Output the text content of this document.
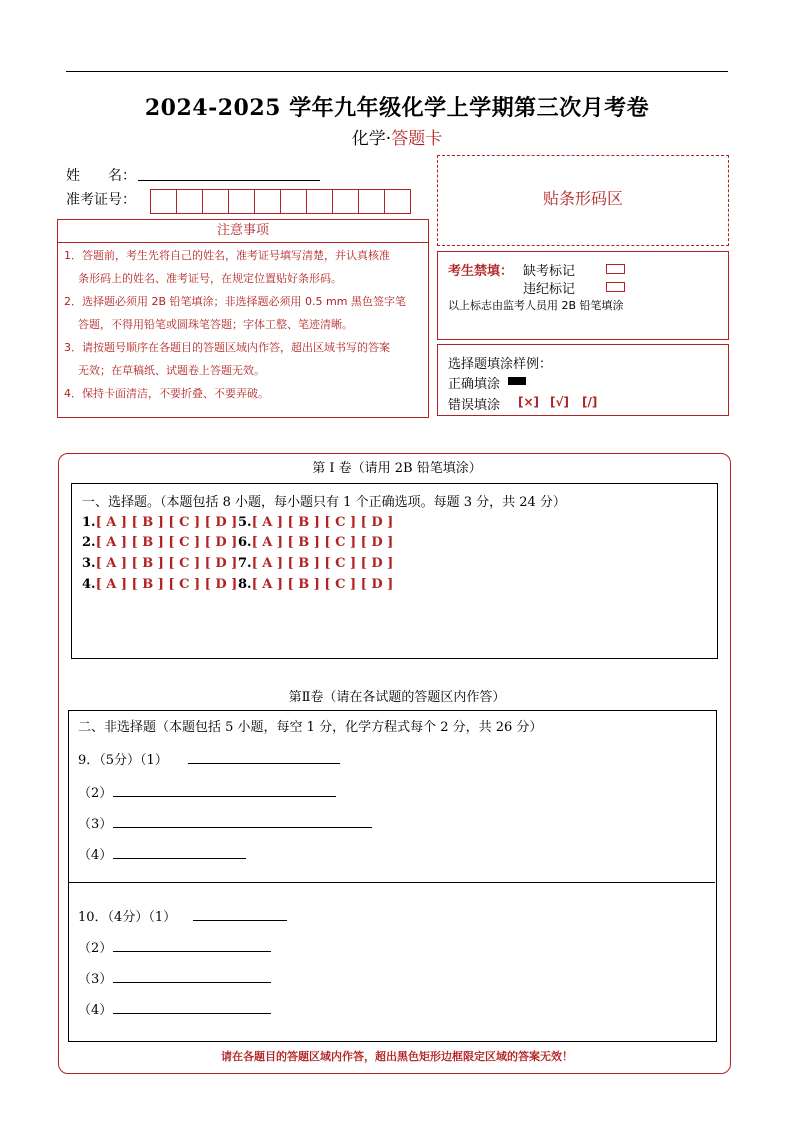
2024-2025 学年九年级化学上学期第三次月考卷
化学·答题卡
姓　　名：
准考证号：
注意事项
1．答题前，考生先将自己的姓名，准考证号填写清楚，并认真核准
条形码上的姓名、准考证号，在规定位置贴好条形码。
2．选择题必须用 2B 铅笔填涂；非选择题必须用 0.5 mm 黑色签字笔
答题，不得用铅笔或圆珠笔答题；字体工整、笔迹清晰。
3．请按题号顺序在各题目的答题区域内作答，超出区域书写的答案
无效；在草稿纸、试题卷上答题无效。
4．保持卡面清洁，不要折叠、不要弄破。
贴条形码区
考生禁填： 缺考标记
违纪标记
以上标志由监考人员用 2B 铅笔填涂
选择题填涂样例：
正确填涂
错误填涂 [×] [√] [/]
第 I 卷（请用 2B 铅笔填涂）
一、选择题。（本题包括 8 小题，每小题只有 1 个正确选项。每题 3 分，共 24 分）
1.[ A ] [ B ] [ C ] [ D ]
2.[ A ] [ B ] [ C ] [ D ]
3.[ A ] [ B ] [ C ] [ D ]
4.[ A ] [ B ] [ C ] [ D ]
5.[ A ] [ B ] [ C ] [ D ]
6.[ A ] [ B ] [ C ] [ D ]
7.[ A ] [ B ] [ C ] [ D ]
8.[ A ] [ B ] [ C ] [ D ]
第Ⅱ卷（请在各试题的答题区内作答）
二、非选择题（本题包括 5 小题，每空 1 分，化学方程式每个 2 分，共 26 分）
9．（5分）（1）
（2）
（3）
（4）
10．（4分）（1）
（2）
（3）
（4）
请在各题目的答题区域内作答，超出黑色矩形边框限定区域的答案无效！
